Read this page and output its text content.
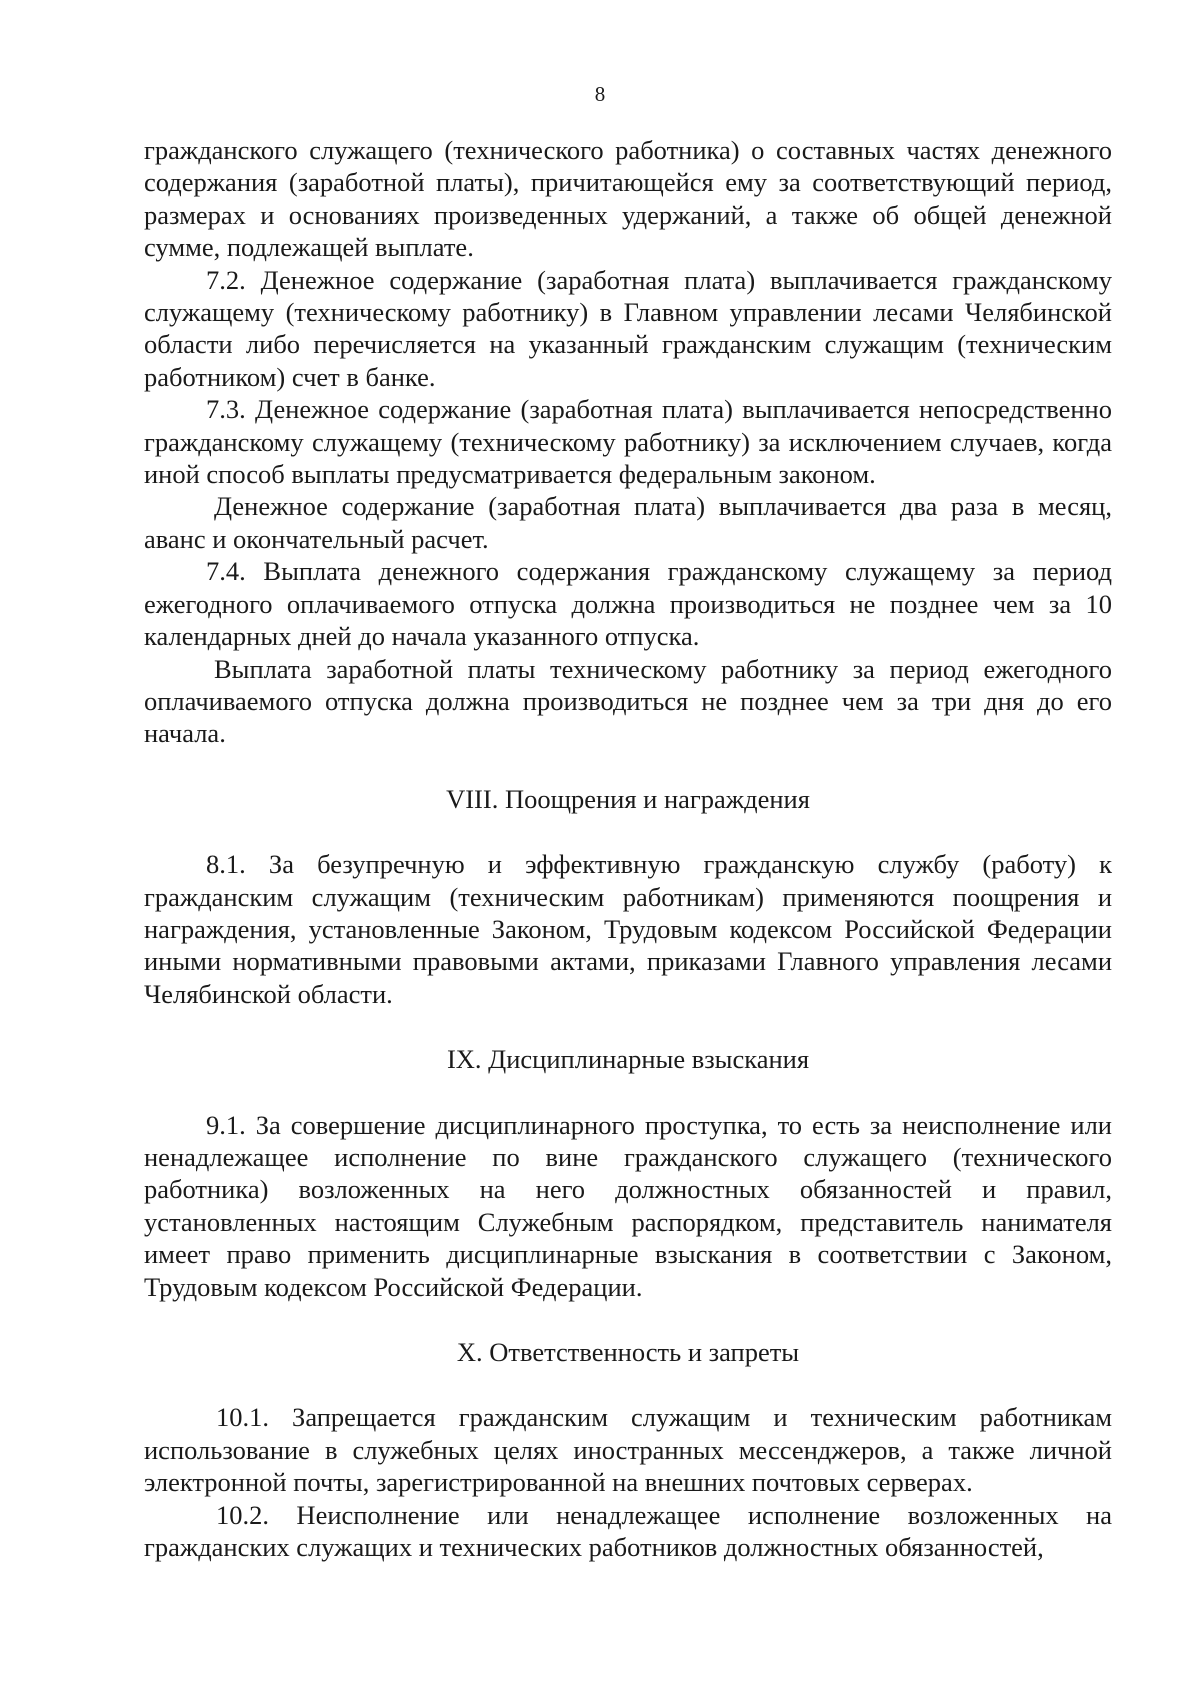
8

гражданского служащего (технического работника) о составных частях денежного содержания (заработной платы), причитающейся ему за соответствующий период, размерах и основаниях произведенных удержаний, а также об общей денежной сумме, подлежащей выплате.

7.2. Денежное содержание (заработная плата) выплачивается гражданскому служащему (техническому работнику) в Главном управлении лесами Челябинской области либо перечисляется на указанный гражданским служащим (техническим работником) счет в банке.

7.3. Денежное содержание (заработная плата) выплачивается непосредственно гражданскому служащему (техническому работнику) за исключением случаев, когда иной способ выплаты предусматривается федеральным законом.

Денежное содержание (заработная плата) выплачивается два раза в месяц, аванс и окончательный расчет.

7.4. Выплата денежного содержания гражданскому служащему за период ежегодного оплачиваемого отпуска должна производиться не позднее чем за 10 календарных дней до начала указанного отпуска.

Выплата заработной платы техническому работнику за период ежегодного оплачиваемого отпуска должна производиться не позднее чем за три дня до его начала.

VIII. Поощрения и награждения

8.1. За безупречную и эффективную гражданскую службу (работу) к гражданским служащим (техническим работникам) применяются поощрения и награждения, установленные Законом, Трудовым кодексом Российской Федерации иными нормативными правовыми актами, приказами Главного управления лесами Челябинской области.

IX. Дисциплинарные взыскания

9.1. За совершение дисциплинарного проступка, то есть за неисполнение или ненадлежащее исполнение по вине гражданского служащего (технического работника) возложенных на него должностных обязанностей и правил, установленных настоящим Служебным распорядком, представитель нанимателя имеет право применить дисциплинарные взыскания в соответствии с Законом, Трудовым кодексом Российской Федерации.

X. Ответственность и запреты

10.1. Запрещается гражданским служащим и техническим работникам использование в служебных целях иностранных мессенджеров, а также личной электронной почты, зарегистрированной на внешних почтовых серверах.

10.2. Неисполнение или ненадлежащее исполнение возложенных на гражданских служащих и технических работников должностных обязанностей,
